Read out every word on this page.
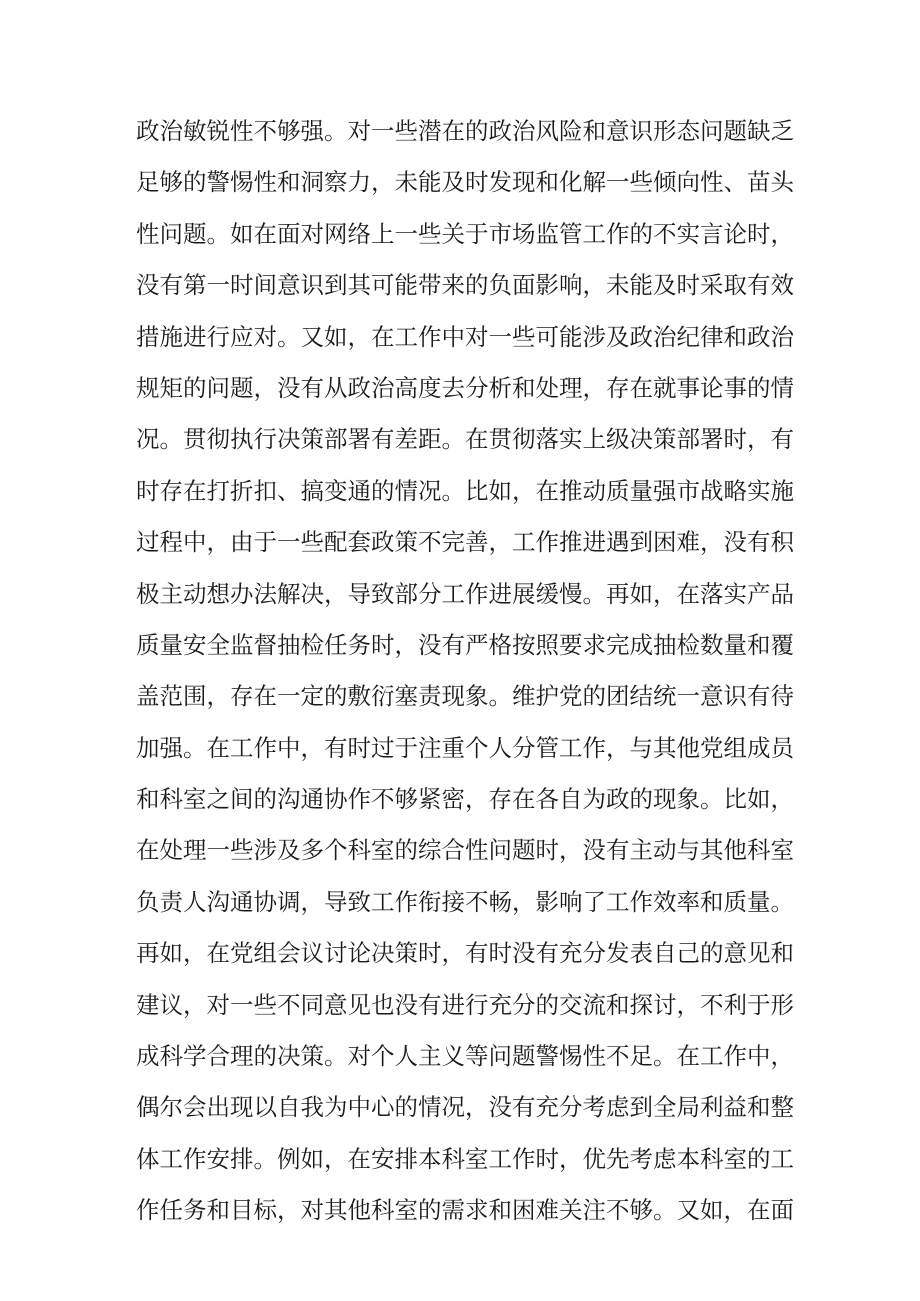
政治敏锐性不够强。对一些潜在的政治风险和意识形态问题缺乏
足够的警惕性和洞察力，未能及时发现和化解一些倾向性、苗头
性问题。如在面对网络上一些关于市场监管工作的不实言论时，
没有第一时间意识到其可能带来的负面影响，未能及时采取有效
措施进行应对。又如，在工作中对一些可能涉及政治纪律和政治
规矩的问题，没有从政治高度去分析和处理，存在就事论事的情
况。贯彻执行决策部署有差距。在贯彻落实上级决策部署时，有
时存在打折扣、搞变通的情况。比如，在推动质量强市战略实施
过程中，由于一些配套政策不完善，工作推进遇到困难，没有积
极主动想办法解决，导致部分工作进展缓慢。再如，在落实产品
质量安全监督抽检任务时，没有严格按照要求完成抽检数量和覆
盖范围，存在一定的敷衍塞责现象。维护党的团结统一意识有待
加强。在工作中，有时过于注重个人分管工作，与其他党组成员
和科室之间的沟通协作不够紧密，存在各自为政的现象。比如，
在处理一些涉及多个科室的综合性问题时，没有主动与其他科室
负责人沟通协调，导致工作衔接不畅，影响了工作效率和质量。
再如，在党组会议讨论决策时，有时没有充分发表自己的意见和
建议，对一些不同意见也没有进行充分的交流和探讨，不利于形
成科学合理的决策。对个人主义等问题警惕性不足。在工作中，
偶尔会出现以自我为中心的情况，没有充分考虑到全局利益和整
体工作安排。例如，在安排本科室工作时，优先考虑本科室的工
作任务和目标，对其他科室的需求和困难关注不够。又如，在面
